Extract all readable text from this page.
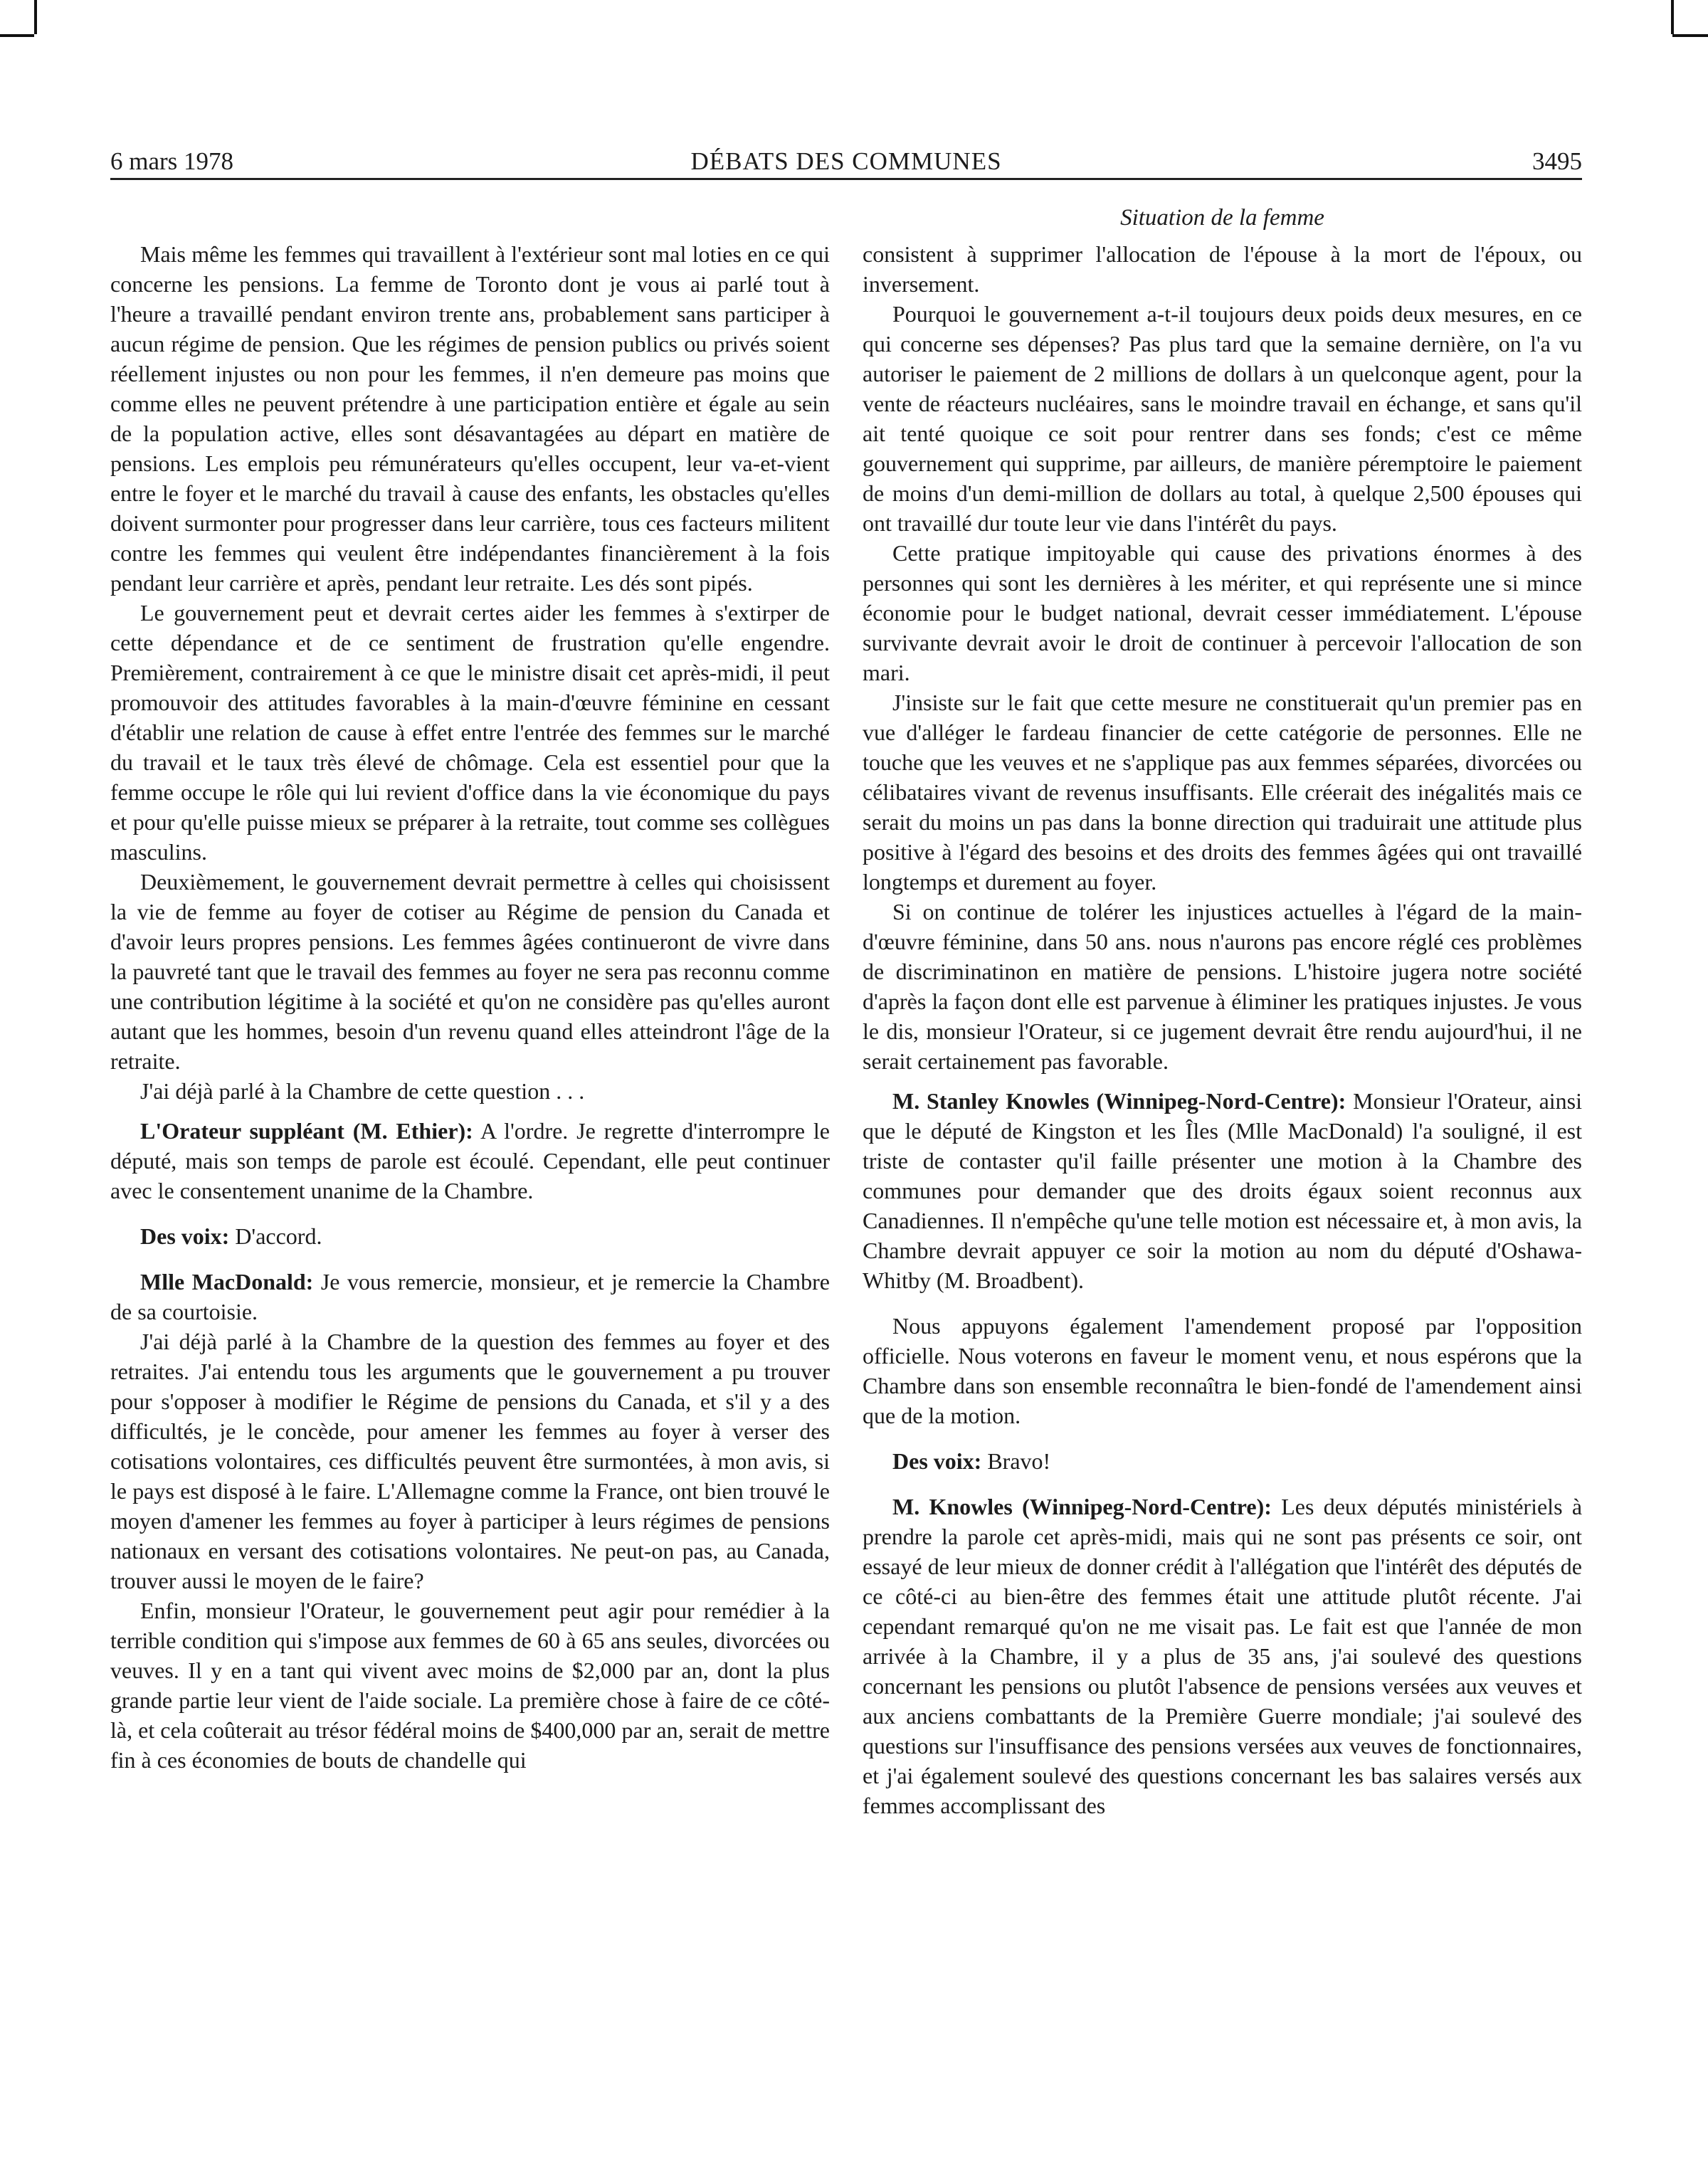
6 mars 1978	DÉBATS DES COMMUNES	3495
Situation de la femme

Mais même les femmes qui travaillent à l'extérieur sont mal loties en ce qui concerne les pensions. La femme de Toronto dont je vous ai parlé tout à l'heure a travaillé pendant environ trente ans, probablement sans participer à aucun régime de pension. Que les régimes de pension publics ou privés soient réellement injustes ou non pour les femmes, il n'en demeure pas moins que comme elles ne peuvent prétendre à une participation entière et égale au sein de la population active, elles sont désavantagées au départ en matière de pensions. Les emplois peu rémunérateurs qu'elles occupent, leur va-et-vient entre le foyer et le marché du travail à cause des enfants, les obstacles qu'elles doivent surmonter pour progresser dans leur carrière, tous ces facteurs militent contre les femmes qui veulent être indépendantes financièrement à la fois pendant leur carrière et après, pendant leur retraite. Les dés sont pipés.

Le gouvernement peut et devrait certes aider les femmes à s'extirper de cette dépendance et de ce sentiment de frustration qu'elle engendre. Premièrement, contrairement à ce que le ministre disait cet après-midi, il peut promouvoir des attitudes favorables à la main-d'œuvre féminine en cessant d'établir une relation de cause à effet entre l'entrée des femmes sur le marché du travail et le taux très élevé de chômage. Cela est essentiel pour que la femme occupe le rôle qui lui revient d'office dans la vie économique du pays et pour qu'elle puisse mieux se préparer à la retraite, tout comme ses collègues masculins.

Deuxièmement, le gouvernement devrait permettre à celles qui choisissent la vie de femme au foyer de cotiser au Régime de pension du Canada et d'avoir leurs propres pensions. Les femmes âgées continueront de vivre dans la pauvreté tant que le travail des femmes au foyer ne sera pas reconnu comme une contribution légitime à la société et qu'on ne considère pas qu'elles auront autant que les hommes, besoin d'un revenu quand elles atteindront l'âge de la retraite.

J'ai déjà parlé à la Chambre de cette question . . .

L'Orateur suppléant (M. Ethier): A l'ordre. Je regrette d'interrompre le député, mais son temps de parole est écoulé. Cependant, elle peut continuer avec le consentement unanime de la Chambre.

Des voix: D'accord.

Mlle MacDonald: Je vous remercie, monsieur, et je remercie la Chambre de sa courtoisie.

J'ai déjà parlé à la Chambre de la question des femmes au foyer et des retraites. J'ai entendu tous les arguments que le gouvernement a pu trouver pour s'opposer à modifier le Régime de pensions du Canada, et s'il y a des difficultés, je le concède, pour amener les femmes au foyer à verser des cotisations volontaires, ces difficultés peuvent être surmontées, à mon avis, si le pays est disposé à le faire. L'Allemagne comme la France, ont bien trouvé le moyen d'amener les femmes au foyer à participer à leurs régimes de pensions nationaux en versant des cotisations volontaires. Ne peut-on pas, au Canada, trouver aussi le moyen de le faire?

Enfin, monsieur l'Orateur, le gouvernement peut agir pour remédier à la terrible condition qui s'impose aux femmes de 60 à 65 ans seules, divorcées ou veuves. Il y en a tant qui vivent avec moins de $2,000 par an, dont la plus grande partie leur vient de l'aide sociale. La première chose à faire de ce côté-là, et cela coûterait au trésor fédéral moins de $400,000 par an, serait de mettre fin à ces économies de bouts de chandelle qui

consistent à supprimer l'allocation de l'épouse à la mort de l'époux, ou inversement.

Pourquoi le gouvernement a-t-il toujours deux poids deux mesures, en ce qui concerne ses dépenses? Pas plus tard que la semaine dernière, on l'a vu autoriser le paiement de 2 millions de dollars à un quelconque agent, pour la vente de réacteurs nucléaires, sans le moindre travail en échange, et sans qu'il ait tenté quoique ce soit pour rentrer dans ses fonds; c'est ce même gouvernement qui supprime, par ailleurs, de manière péremptoire le paiement de moins d'un demi-million de dollars au total, à quelque 2,500 épouses qui ont travaillé dur toute leur vie dans l'intérêt du pays.

Cette pratique impitoyable qui cause des privations énormes à des personnes qui sont les dernières à les mériter, et qui représente une si mince économie pour le budget national, devrait cesser immédiatement. L'épouse survivante devrait avoir le droit de continuer à percevoir l'allocation de son mari.

J'insiste sur le fait que cette mesure ne constituerait qu'un premier pas en vue d'alléger le fardeau financier de cette catégorie de personnes. Elle ne touche que les veuves et ne s'applique pas aux femmes séparées, divorcées ou célibataires vivant de revenus insuffisants. Elle créerait des inégalités mais ce serait du moins un pas dans la bonne direction qui traduirait une attitude plus positive à l'égard des besoins et des droits des femmes âgées qui ont travaillé longtemps et durement au foyer.

Si on continue de tolérer les injustices actuelles à l'égard de la main-d'œuvre féminine, dans 50 ans. nous n'aurons pas encore réglé ces problèmes de discriminatinon en matière de pensions. L'histoire jugera notre société d'après la façon dont elle est parvenue à éliminer les pratiques injustes. Je vous le dis, monsieur l'Orateur, si ce jugement devrait être rendu aujourd'hui, il ne serait certainement pas favorable.

M. Stanley Knowles (Winnipeg-Nord-Centre): Monsieur l'Orateur, ainsi que le député de Kingston et les Îles (Mlle MacDonald) l'a souligné, il est triste de contaster qu'il faille présenter une motion à la Chambre des communes pour demander que des droits égaux soient reconnus aux Canadiennes. Il n'empêche qu'une telle motion est nécessaire et, à mon avis, la Chambre devrait appuyer ce soir la motion au nom du député d'Oshawa-Whitby (M. Broadbent).

Nous appuyons également l'amendement proposé par l'opposition officielle. Nous voterons en faveur le moment venu, et nous espérons que la Chambre dans son ensemble reconnaîtra le bien-fondé de l'amendement ainsi que de la motion.

Des voix: Bravo!

M. Knowles (Winnipeg-Nord-Centre): Les deux députés ministériels à prendre la parole cet après-midi, mais qui ne sont pas présents ce soir, ont essayé de leur mieux de donner crédit à l'allégation que l'intérêt des députés de ce côté-ci au bien-être des femmes était une attitude plutôt récente. J'ai cependant remarqué qu'on ne me visait pas. Le fait est que l'année de mon arrivée à la Chambre, il y a plus de 35 ans, j'ai soulevé des questions concernant les pensions ou plutôt l'absence de pensions versées aux veuves et aux anciens combattants de la Première Guerre mondiale; j'ai soulevé des questions sur l'insuffisance des pensions versées aux veuves de fonctionnaires, et j'ai également soulevé des questions concernant les bas salaires versés aux femmes accomplissant des
